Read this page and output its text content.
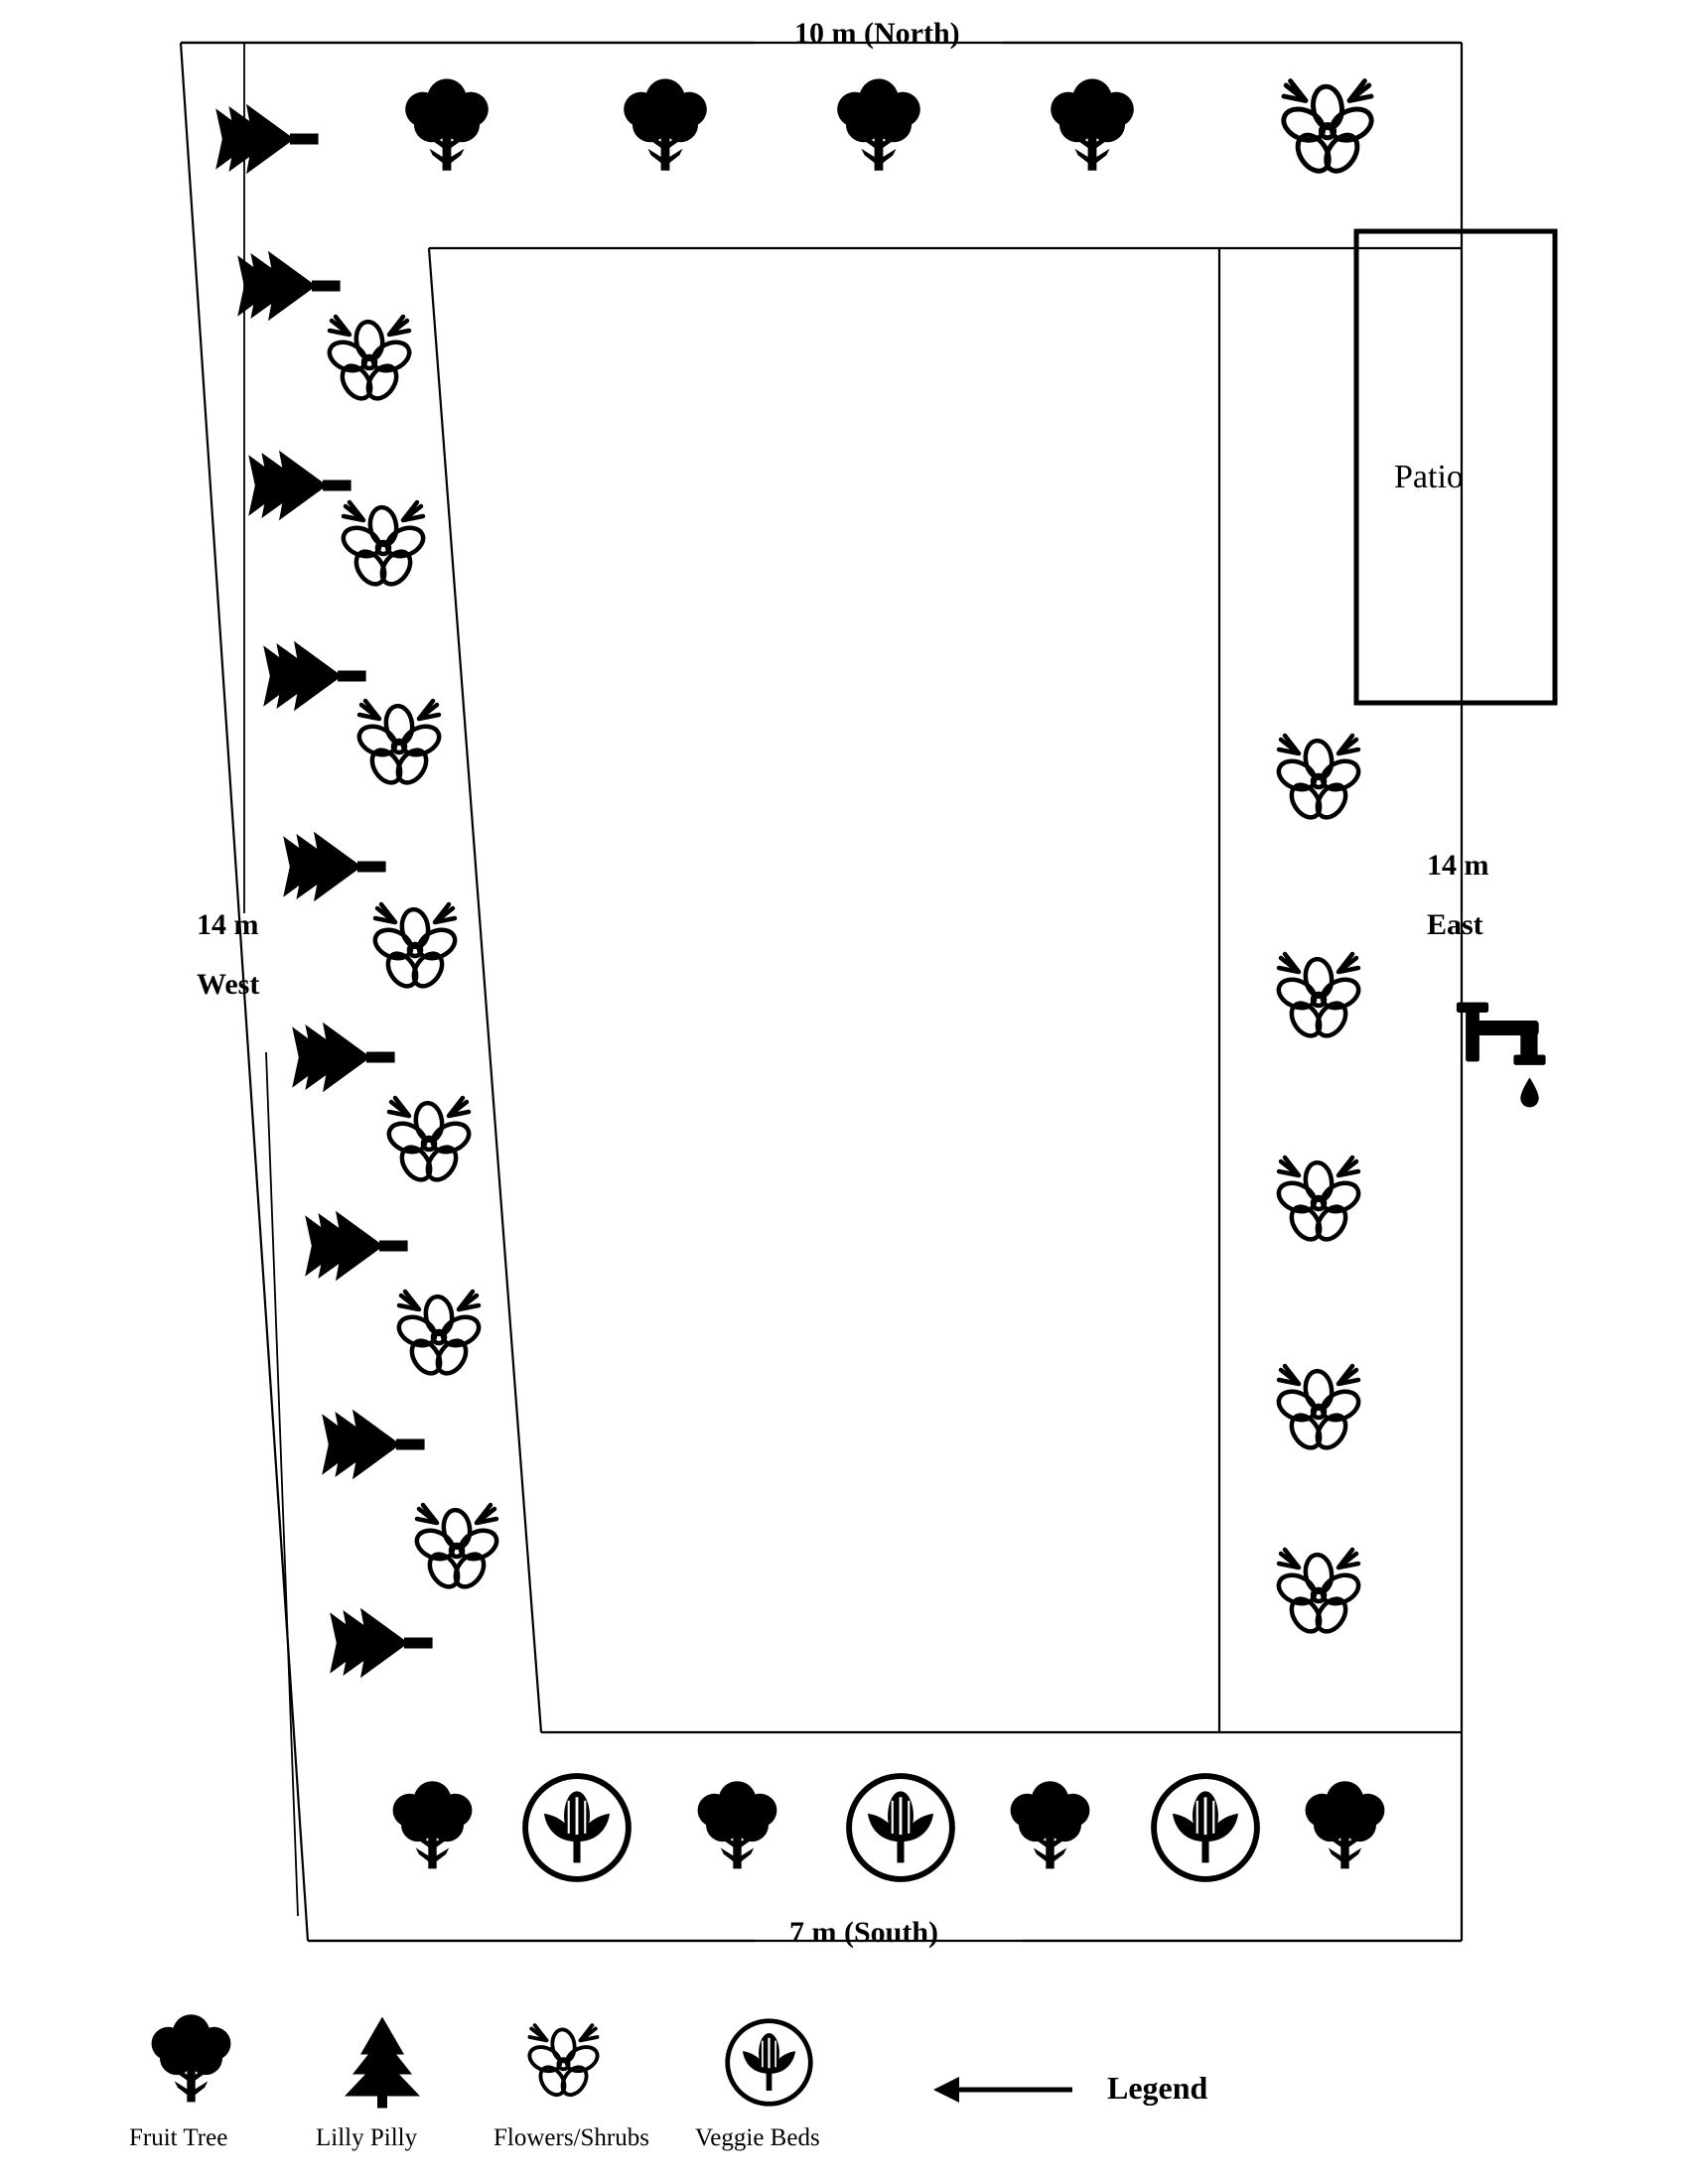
10 m (North)
14 m
West
14 m
East
7 m (South)
Patio
Fruit Tree	Lilly Pilly	Flowers/Shrubs Veggie Beds
Legend
